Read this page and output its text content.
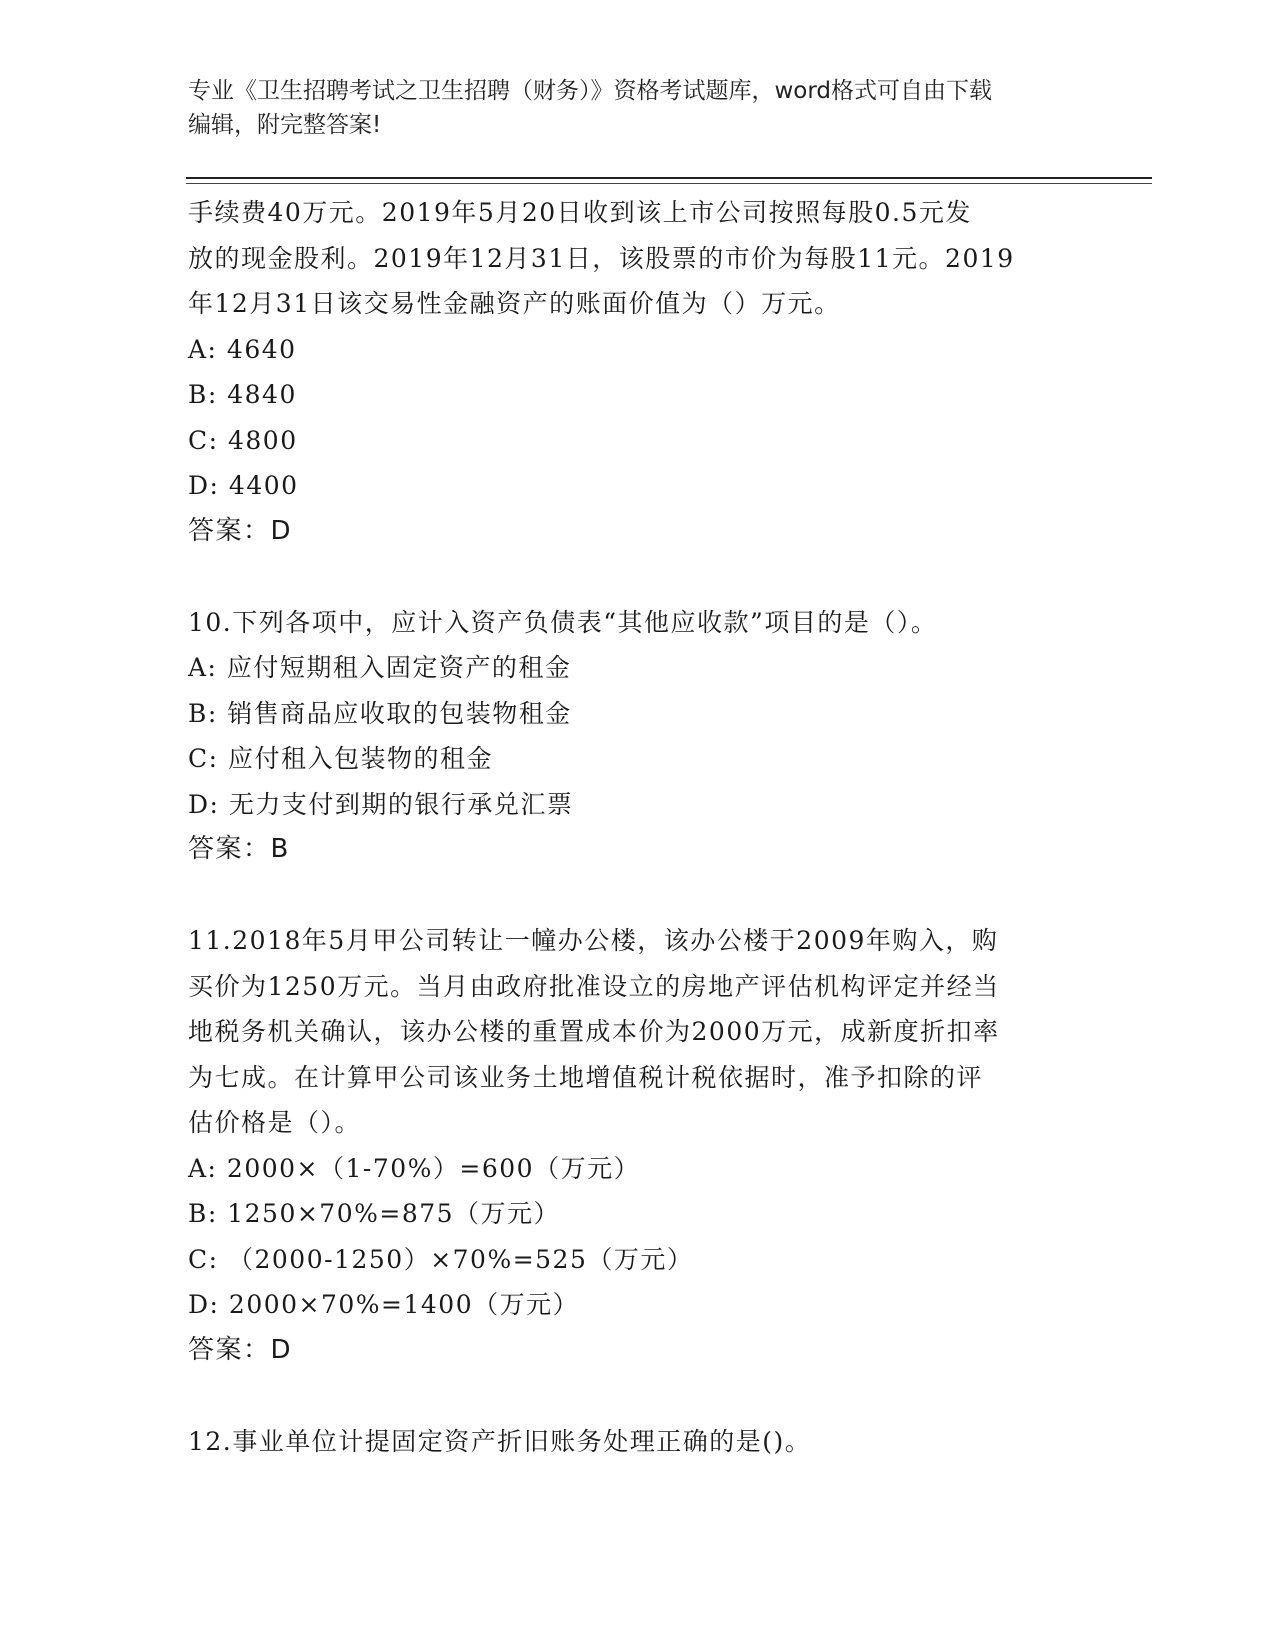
专业《卫生招聘考试之卫生招聘（财务）》资格考试题库，word格式可自由下载
编辑，附完整答案!
手续费40万元。2019年5月20日收到该上市公司按照每股0.5元发
放的现金股利。2019年12月31日，该股票的市价为每股11元。2019
年12月31日该交易性金融资产的账面价值为（）万元。
A: 4640
B: 4840
C: 4800
D: 4400
答案：D
10.下列各项中，应计入资产负债表“其他应收款”项目的是（）。
A: 应付短期租入固定资产的租金
B: 销售商品应收取的包装物租金
C: 应付租入包装物的租金
D: 无力支付到期的银行承兑汇票
答案：B
11.2018年5月甲公司转让一幢办公楼，该办公楼于2009年购入，购
买价为1250万元。当月由政府批准设立的房地产评估机构评定并经当
地税务机关确认，该办公楼的重置成本价为2000万元，成新度折扣率
为七成。在计算甲公司该业务土地增值税计税依据时，准予扣除的评
估价格是（）。
A: 2000×（1-70%）=600（万元）
B: 1250×70%=875（万元）
C: （2000-1250）×70%=525（万元）
D: 2000×70%=1400（万元）
答案：D
12.事业单位计提固定资产折旧账务处理正确的是()。
